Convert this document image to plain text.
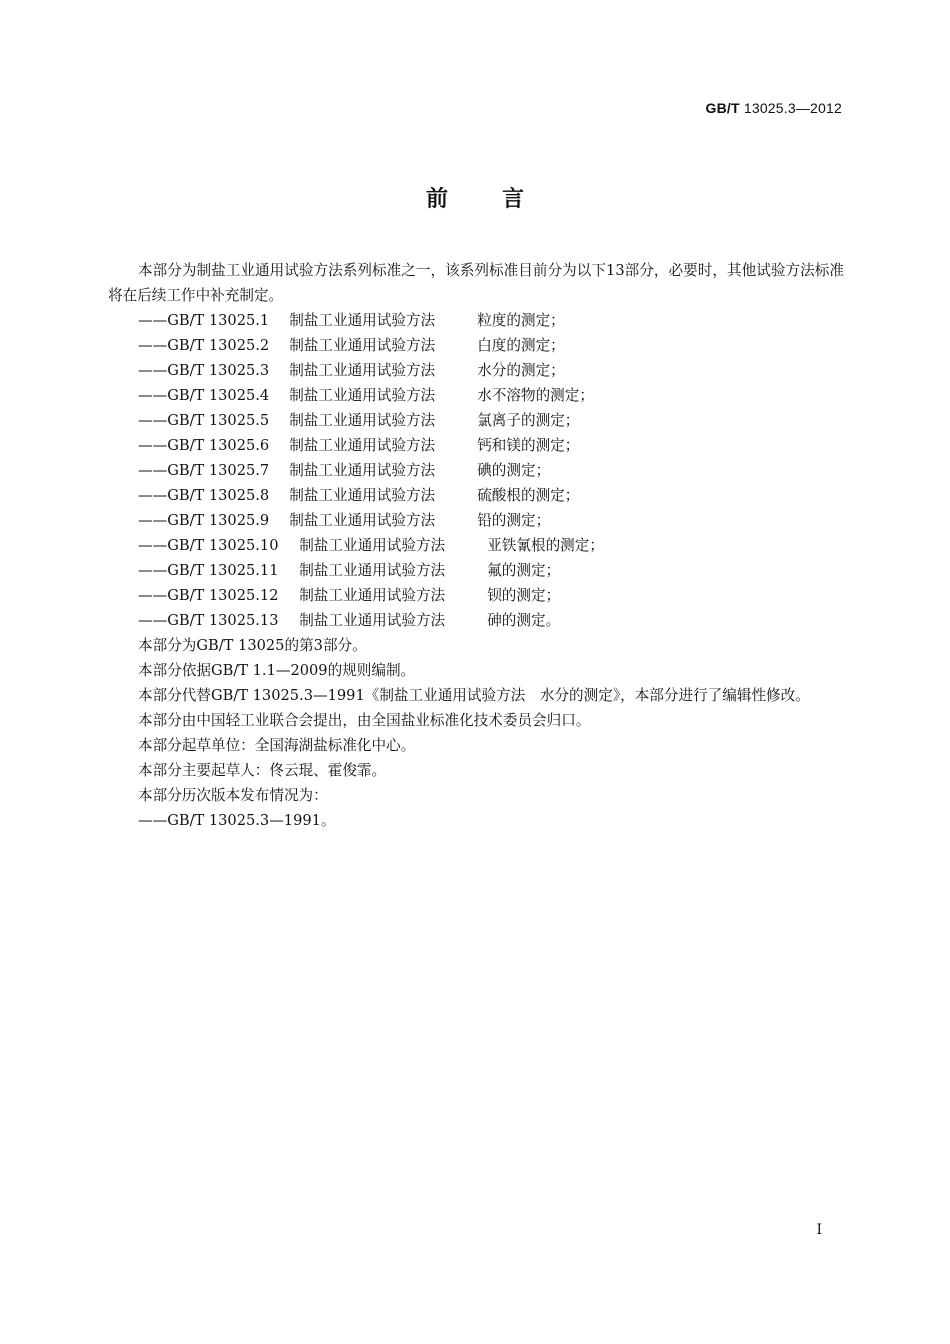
GB/T 13025.3—2012
前言

本部分为制盐工业通用试验方法系列标准之一，该系列标准目前分为以下13部分，必要时，其他试验方法标准将在后续工作中补充制定。

——GB/T 13025.1 制盐工业通用试验方法	粒度的测定；

——GB/T 13025.2 制盐工业通用试验方法	白度的测定；

——GB/T 13025.3 制盐工业通用试验方法	水分的测定；

——GB/T 13025.4 制盐工业通用试验方法	水不溶物的测定；

——GB/T 13025.5 制盐工业通用试验方法	氯离子的测定；

——GB/T 13025.6 制盐工业通用试验方法	钙和镁的测定；

——GB/T 13025.7 制盐工业通用试验方法	碘的测定；

——GB/T 13025.8 制盐工业通用试验方法	硫酸根的测定；

——GB/T 13025.9 制盐工业通用试验方法	铅的测定；

——GB/T 13025.10 制盐工业通用试验方法	亚铁氰根的测定；

——GB/T 13025.11 制盐工业通用试验方法	氟的测定；

——GB/T 13025.12 制盐工业通用试验方法	钡的测定；

——GB/T 13025.13 制盐工业通用试验方法	砷的测定。

本部分为GB/T 13025的第3部分。

本部分依据GB/T 1.1—2009的规则编制。

本部分代替GB/T 13025.3—1991《制盐工业通用试验方法　水分的测定》，本部分进行了编辑性修改。

本部分由中国轻工业联合会提出，由全国盐业标准化技术委员会归口。

本部分起草单位：全国海湖盐标准化中心。

本部分主要起草人：佟云琨、霍俊霏。

本部分历次版本发布情况为：

——GB/T 13025.3—1991。

I
